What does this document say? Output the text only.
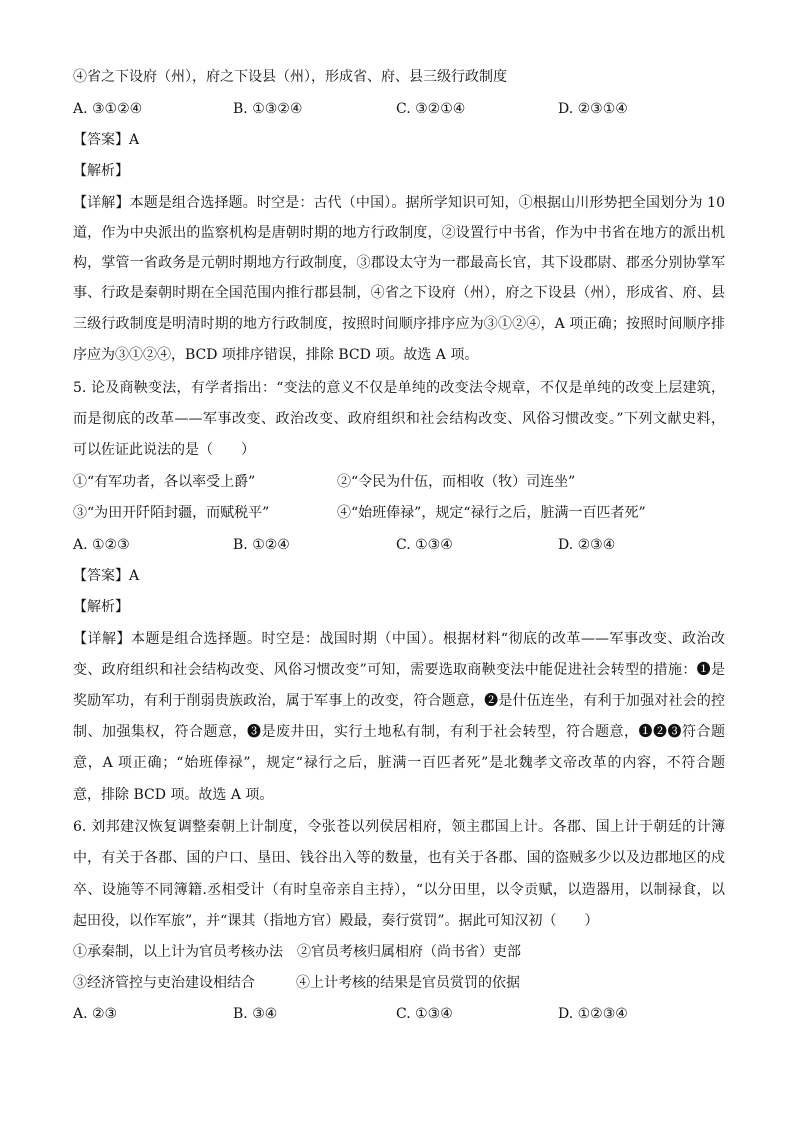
④省之下设府（州），府之下设县（州），形成省、府、县三级行政制度
A. ③①②④	B. ①③②④	C. ③②①④	D. ②③①④
【答案】A
【解析】
【详解】本题是组合选择题。时空是：古代（中国）。据所学知识可知，①根据山川形势把全国划分为 10
道，作为中央派出的监察机构是唐朝时期的地方行政制度，②设置行中书省，作为中书省在地方的派出机
构，掌管一省政务是元朝时期地方行政制度，③郡设太守为一郡最高长官，其下设郡尉、郡丞分别协掌军
事、行政是秦朝时期在全国范围内推行郡县制，④省之下设府（州），府之下设县（州），形成省、府、县
三级行政制度是明清时期的地方行政制度，按照时间顺序排序应为③①②④，A 项正确；按照时间顺序排
序应为③①②④，BCD 项排序错误，排除 BCD 项。故选 A 项。
5. 论及商鞅变法，有学者指出：“变法的意义不仅是单纯的改变法令规章，不仅是单纯的改变上层建筑，
而是彻底的改革——军事改变、政治改变、政府组织和社会结构改变、风俗习惯改变。”下列文献史料，
可以佐证此说法的是（　　）
①“有军功者，各以率受上爵”	②“令民为什伍，而相收（牧）司连坐”
③“为田开阡陌封疆，而赋税平”	④“始班俸禄”，规定“禄行之后，脏满一百匹者死”
A. ①②③	B. ①②④	C. ①③④	D. ②③④
【答案】A
【解析】
【详解】本题是组合选择题。时空是：战国时期（中国）。根据材料“彻底的改革——军事改变、政治改
变、政府组织和社会结构改变、风俗习惯改变”可知，需要选取商鞅变法中能促进社会转型的措施：❶是
奖励军功，有利于削弱贵族政治，属于军事上的改变，符合题意，❷是什伍连坐，有利于加强对社会的控
制、加强集权，符合题意，❸是废井田，实行土地私有制，有利于社会转型，符合题意，❶❷❸符合题
意，A 项正确；“始班俸禄”，规定“禄行之后，脏满一百匹者死”是北魏孝文帝改革的内容，不符合题
意，排除 BCD 项。故选 A 项。
6. 刘邦建汉恢复调整秦朝上计制度，令张苍以列侯居相府，领主郡国上计。各郡、国上计于朝廷的计簿
中，有关于各郡、国的户口、垦田、钱谷出入等的数量，也有关于各郡、国的盗贼多少以及边郡地区的戍
卒、设施等不同簿籍.丞相受计（有时皇帝亲自主持），“以分田里，以令贡赋，以造器用，以制禄食，以
起田役，以作军旅”，并“课其（指地方官）殿最，奏行赏罚”。据此可知汉初（　　）
①承秦制，以上计为官员考核办法　②官员考核归属相府（尚书省）吏部
③经济管控与吏治建设相结合	④上计考核的结果是官员赏罚的依据
A. ②③	B. ③④	C. ①③④	D. ①②③④
